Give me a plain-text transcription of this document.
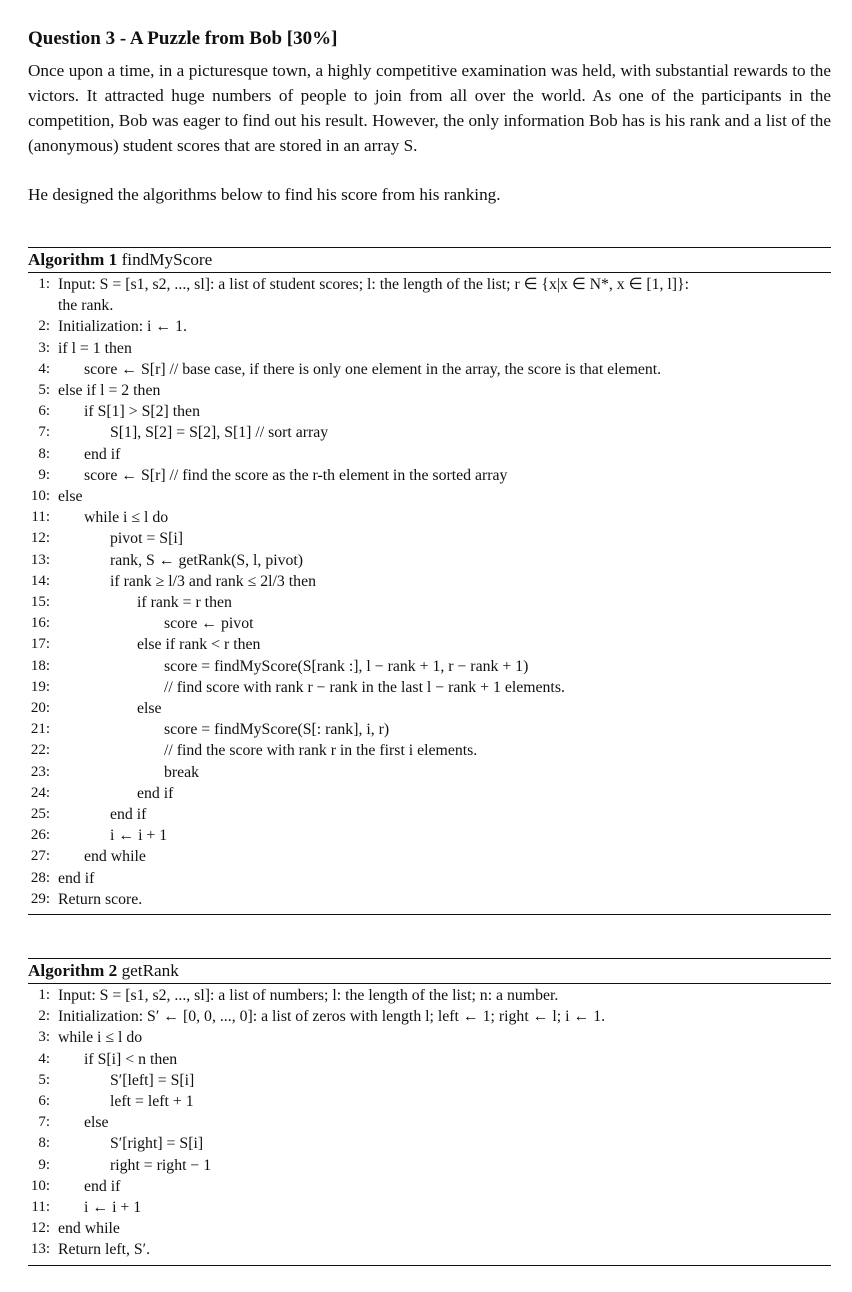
Question 3 - A Puzzle from Bob [30%]

Once upon a time, in a picturesque town, a highly competitive examination was held, with substantial rewards to the victors. It attracted huge numbers of people to join from all over the world. As one of the participants in the competition, Bob was eager to find out his result. However, the only information Bob has is his rank and a list of the (anonymous) student scores that are stored in an array S.

He designed the algorithms below to find his score from his ranking.

Algorithm 1 findMyScore
1: Input: S = [s1, s2, ..., sl]: a list of student scores; l: the length of the list; r ∈ {x|x ∈ N*, x ∈ [1, l]}:
the rank.
2: Initialization: i ← 1.
3: if l = 1 then
4: score ← S[r] // base case, if there is only one element in the array, the score is that element.
5: else if l = 2 then
6: if S[1] > S[2] then
7:	S[1], S[2] = S[2], S[1] // sort array
8: end if
9: score ← S[r] // find the score as the r-th element in the sorted array
10: else
11: while i ≤ l do
12:	pivot = S[i]
13:	rank, S ← getRank(S, l, pivot)
14:	if rank ≥ l/3 and rank ≤ 2l/3 then
15:	if rank = r then
16:	score ← pivot
17:	else if rank < r then
18:	score = findMyScore(S[rank :], l − rank + 1, r − rank + 1)
19:	// find score with rank r − rank in the last l − rank + 1 elements.
20:	else
21:	score = findMyScore(S[: rank], i, r)
22:	// find the score with rank r in the first i elements.
23:	break
24:	end if
25:	end if
26:	i ← i + 1
27: end while
28: end if
29: Return score.
Algorithm 2 getRank
1: Input: S = [s1, s2, ..., sl]: a list of numbers; l: the length of the list; n: a number.
2: Initialization: S′ ← [0, 0, ..., 0]: a list of zeros with length l; left ← 1; right ← l; i ← 1.
3: while i ≤ l do
4: if S[i] < n then
5:	S′[left] = S[i]
6:	left = left + 1
7: else
8:	S′[right] = S[i]
9:	right = right − 1
10: end if
11: i ← i + 1
12: end while
13: Return left, S′.
